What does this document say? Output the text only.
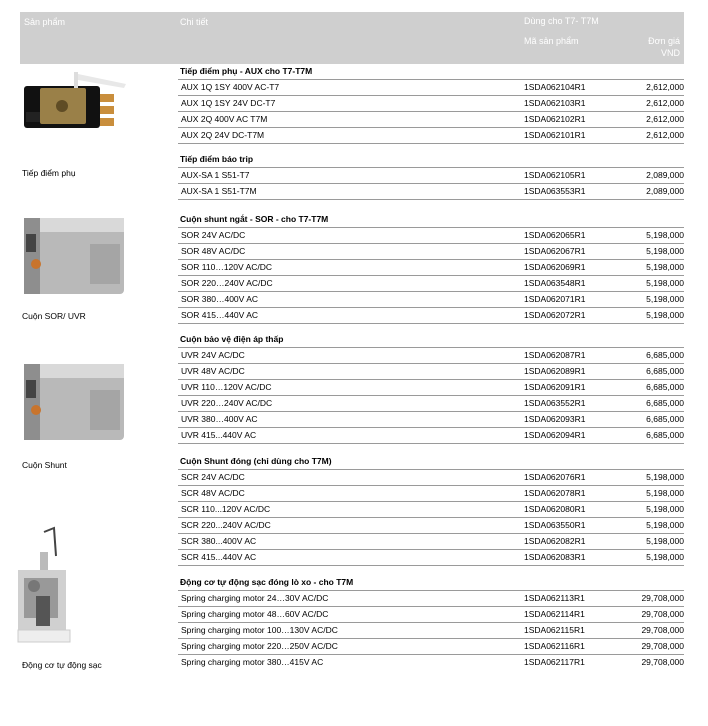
Sản phẩm	Chi tiết	Dùng cho T7- T7M
Mã sản phẩm	Đơn giá
VND
Tiếp điểm phụ
Cuộn SOR/ UVR
Cuộn Shunt
Động cơ tự động sạc
Tiếp điểm phụ - AUX cho T7-T7M
AUX 1Q 1SY 400V AC-T7	1SDA062104R1	2,612,000
AUX 1Q 1SY 24V DC-T7	1SDA062103R1	2,612,000
AUX 2Q 400V AC T7M	1SDA062102R1	2,612,000
AUX 2Q 24V DC-T7M	1SDA062101R1	2,612,000
Tiếp điểm báo trip
AUX-SA 1 S51-T7	1SDA062105R1	2,089,000
AUX-SA 1 S51-T7M	1SDA063553R1	2,089,000
Cuộn shunt ngắt - SOR - cho T7-T7M
SOR 24V AC/DC	1SDA062065R1	5,198,000
SOR 48V AC/DC	1SDA062067R1	5,198,000
SOR 110…120V AC/DC	1SDA062069R1	5,198,000
SOR 220…240V AC/DC	1SDA063548R1	5,198,000
SOR 380…400V AC	1SDA062071R1	5,198,000
SOR 415…440V AC	1SDA062072R1	5,198,000
Cuộn bảo vệ điện áp thấp
UVR 24V AC/DC	1SDA062087R1	6,685,000
UVR 48V AC/DC	1SDA062089R1	6,685,000
UVR 110…120V AC/DC	1SDA062091R1	6,685,000
UVR 220…240V AC/DC	1SDA063552R1	6,685,000
UVR 380…400V AC	1SDA062093R1	6,685,000
UVR 415...440V AC	1SDA062094R1	6,685,000
Cuộn Shunt đóng (chỉ dùng cho T7M)
SCR 24V AC/DC	1SDA062076R1	5,198,000
SCR 48V AC/DC	1SDA062078R1	5,198,000
SCR 110...120V AC/DC	1SDA062080R1	5,198,000
SCR 220...240V AC/DC	1SDA063550R1	5,198,000
SCR 380...400V AC	1SDA062082R1	5,198,000
SCR 415...440V AC	1SDA062083R1	5,198,000
Động cơ tự động sạc đóng lò xo - cho T7M
Spring charging motor 24…30V AC/DC	1SDA062113R1	29,708,000
Spring charging motor 48…60V AC/DC	1SDA062114R1	29,708,000
Spring charging motor 100…130V AC/DC	1SDA062115R1	29,708,000
Spring charging motor 220…250V AC/DC	1SDA062116R1	29,708,000
Spring charging motor 380…415V AC	1SDA062117R1	29,708,000
